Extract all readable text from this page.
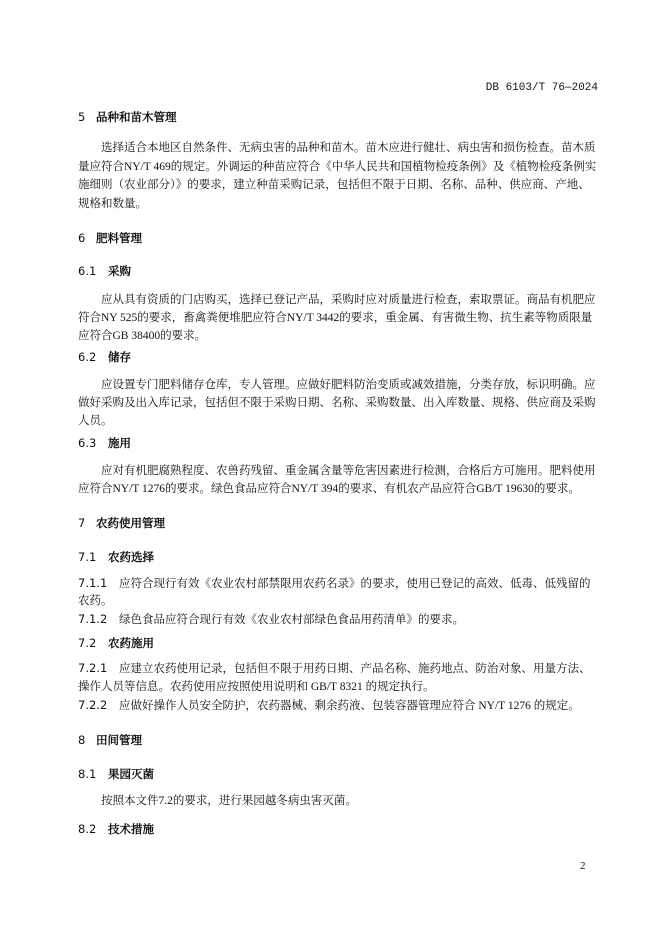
DB 6103/T 76—2024
5 品种和苗木管理
选择适合本地区自然条件、无病虫害的品种和苗木。苗木应进行健壮、病虫害和损伤检查。苗木质
量应符合NY/T 469的规定。外调运的种苗应符合《中华人民共和国植物检疫条例》及《植物检疫条例实
施细则（农业部分）》的要求，建立种苗采购记录，包括但不限于日期、名称、品种、供应商、产地、
规格和数量。
6 肥料管理
6.1 采购
应从具有资质的门店购买，选择已登记产品，采购时应对质量进行检查，索取票证。商品有机肥应
符合NY 525的要求，畜禽粪便堆肥应符合NY/T 3442的要求，重金属、有害微生物、抗生素等物质限量
应符合GB 38400的要求。
6.2 储存
应设置专门肥料储存仓库，专人管理。应做好肥料防治变质或减效措施，分类存放，标识明确。应
做好采购及出入库记录，包括但不限于采购日期、名称、采购数量、出入库数量、规格、供应商及采购
人员。
6.3 施用
应对有机肥腐熟程度、农兽药残留、重金属含量等危害因素进行检测，合格后方可施用。肥料使用
应符合NY/T 1276的要求。绿色食品应符合NY/T 394的要求、有机农产品应符合GB/T 19630的要求。
7 农药使用管理
7.1 农药选择
7.1.1 应符合现行有效《农业农村部禁限用农药名录》的要求，使用已登记的高效、低毒、低残留的
农药。
7.1.2 绿色食品应符合现行有效《农业农村部绿色食品用药清单》的要求。
7.2 农药施用
7.2.1 应建立农药使用记录，包括但不限于用药日期、产品名称、施药地点、防治对象、用量方法、
操作人员等信息。农药使用应按照使用说明和 GB/T 8321 的规定执行。
7.2.2 应做好操作人员安全防护，农药器械、剩余药液、包装容器管理应符合 NY/T 1276 的规定。
8 田间管理
8.1 果园灭菌
按照本文件7.2的要求，进行果园越冬病虫害灭菌。
8.2 技术措施
2
